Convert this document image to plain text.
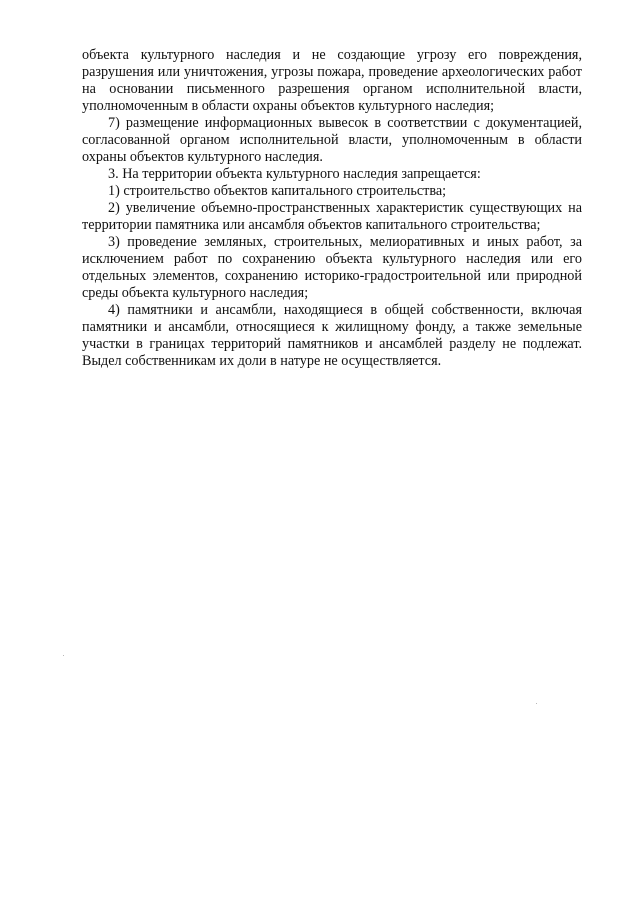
объекта культурного наследия и не создающие угрозу его повреждения, разрушения или уничтожения, угрозы пожара, проведение археологических работ на основании письменного разрешения органом исполнительной власти, уполномоченным в области охраны объектов культурного наследия;

7) размещение информационных вывесок в соответствии с документацией, согласованной органом исполнительной власти, уполномоченным в области охраны объектов культурного наследия.

3. На территории объекта культурного наследия запрещается:

1) строительство объектов капитального строительства;

2) увеличение объемно-пространственных характеристик существующих на территории памятника или ансамбля объектов капитального строительства;

3) проведение земляных, строительных, мелиоративных и иных работ, за исключением работ по сохранению объекта культурного наследия или его отдельных элементов, сохранению историко-градостроительной или природной среды объекта культурного наследия;

4) памятники и ансамбли, находящиеся в общей собственности, включая памятники и ансамбли, относящиеся к жилищному фонду, а также земельные участки в границах территорий памятников и ансамблей разделу не подлежат. Выдел собственникам их доли в натуре не осуществляется.
